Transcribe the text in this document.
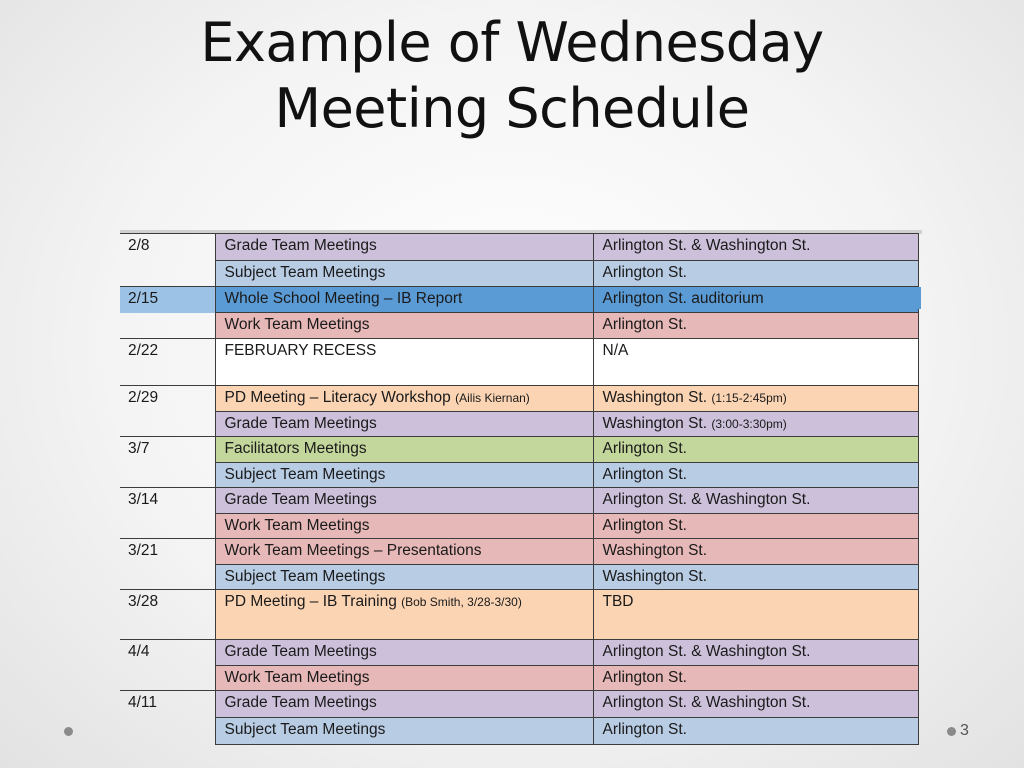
Example of Wednesday
Meeting Schedule
2/8	Grade Team Meetings	Arlington St. & Washington St.
	Subject Team Meetings	Arlington St.
2/15	Whole School Meeting – IB Report	Arlington St. auditorium
	Work Team Meetings	Arlington St.
2/22	FEBRUARY RECESS	N/A
2/29	PD Meeting – Literacy Workshop (Ailis Kiernan)	Washington St. (1:15-2:45pm)
	Grade Team Meetings	Washington St. (3:00-3:30pm)
3/7	Facilitators Meetings	Arlington St.
	Subject Team Meetings	Arlington St.
3/14	Grade Team Meetings	Arlington St. & Washington St.
	Work Team Meetings	Arlington St.
3/21	Work Team Meetings – Presentations	Washington St.
	Subject Team Meetings	Washington St.
3/28	PD Meeting – IB Training (Bob Smith, 3/28-3/30)	TBD
4/4	Grade Team Meetings	Arlington St. & Washington St.
	Work Team Meetings	Arlington St.
4/11	Grade Team Meetings	Arlington St. & Washington St.
	Subject Team Meetings	Arlington St.	3
